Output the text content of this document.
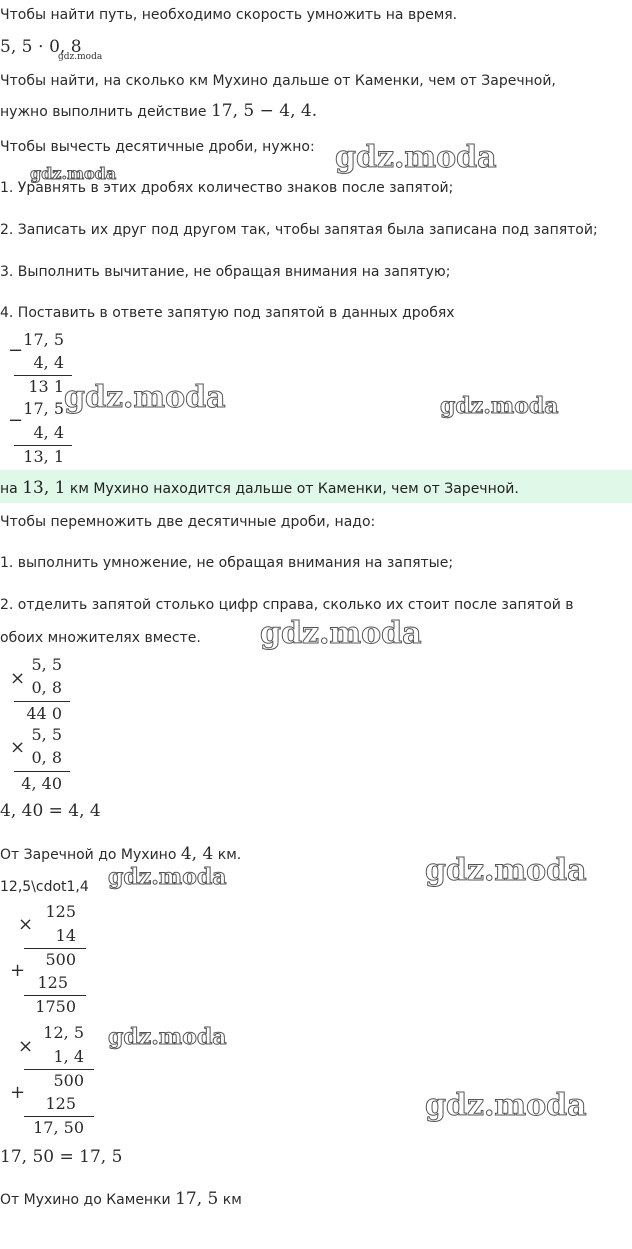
Чтобы найти путь, необходимо скорость умножить на время.
5, 5 ⋅ 0, 8
Чтобы найти, на сколько км Мухино дальше от Каменки, чем от Заречной,
нужно выполнить действие 17, 5 − 4, 4.
Чтобы вычесть десятичные дроби, нужно:
1. Уравнять в этих дробях количество знаков после запятой;
2. Записать их друг под другом так, чтобы запятая была записана под запятой;
3. Выполнить вычитание, не обращая внимания на запятую;
4. Поставить в ответе запятую под запятой в данных дробях
−
17, 5
4, 4
13 1
−
17, 5
4, 4
13, 1
на 13, 1 км Мухино находится дальше от Каменки, чем от Заречной.
Чтобы перемножить две десятичные дроби, надо:
1. выполнить умножение, не обращая внимания на запятые;
2. отделить запятой столько цифр справа, сколько их стоит после запятой в
обоих множителях вместе.
×
5, 5
0, 8
44 0
×
5, 5
0, 8
4, 40
4, 40 = 4, 4
От Заречной до Мухино 4, 4 км.
12,5\cdot1,4
×
125
14
500
+
125
1750
×
12, 5
1, 4
500
+
125
17, 50
17, 50 = 17, 5
От Мухино до Каменки 17, 5 км
gdz.moda
gdz.moda
gdz.moda
gdz.moda	gdz.moda
gdz.moda
gdz.moda
gdz.moda
gdz.moda
gdz.moda
